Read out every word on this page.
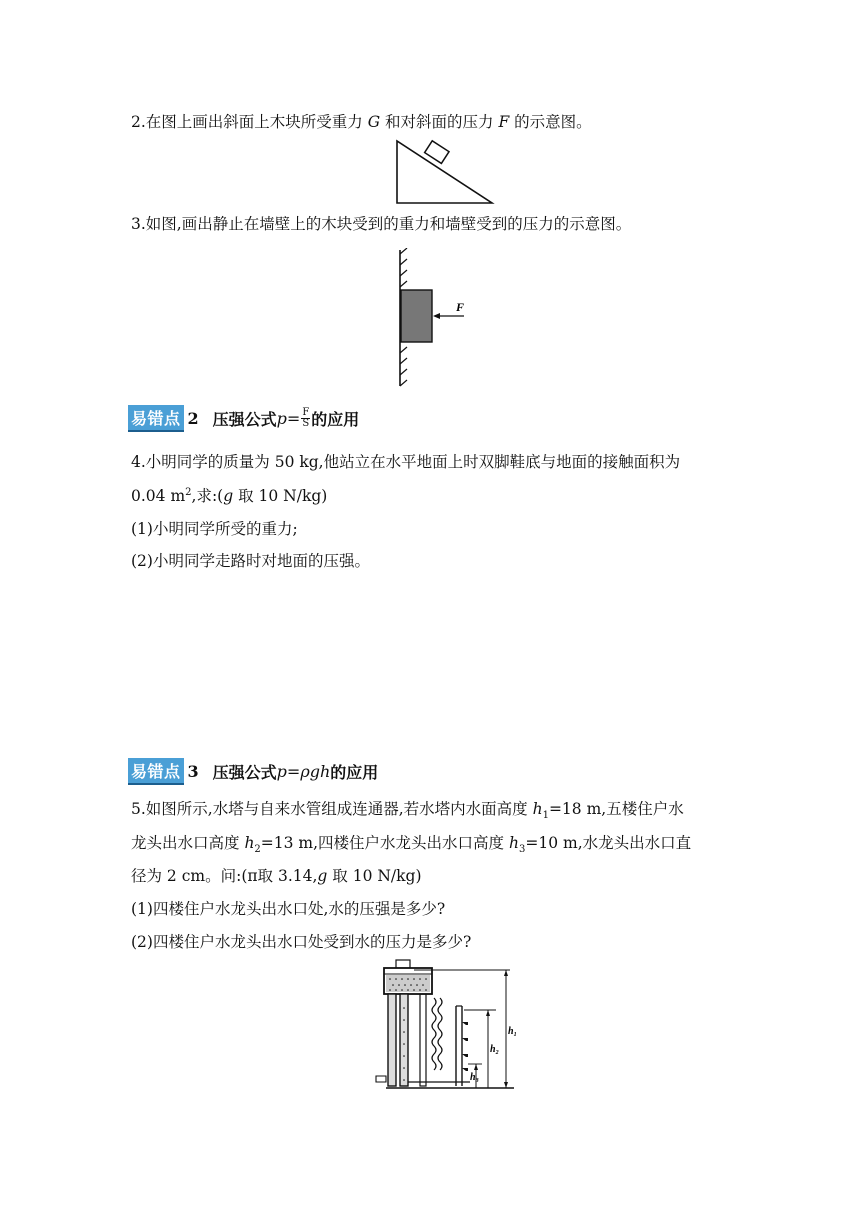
2.在图上画出斜面上木块所受重力 G 和对斜面的压力 F 的示意图。
3.如图,画出静止在墙壁上的木块受到的重力和墙壁受到的压力的示意图。
F
易错点 2 压强公式 $p = \frac{F}{S}$ 的应用
4.小明同学的质量为 50 kg,他站立在水平地面上时双脚鞋底与地面的接触面积为
0.04 $m^2$,求:(g 取 10 N/kg)
(1)小明同学所受的重力;
(2)小明同学走路时对地面的压强。
易错点 3 压强公式 p=ρgh 的应用
5.如图所示,水塔与自来水管组成连通器,若水塔内水面高度 $h_1=18$ m,五楼住户水
龙头出水口高度 $h_2=13$ m,四楼住户水龙头出水口高度 $h_3=10$ m,水龙头出水口直
径为 2 cm。问:(π取 3.14,g 取 10 N/kg)
(1)四楼住户水龙头出水口处,水的压强是多少?
(2)四楼住户水龙头出水口处受到水的压力是多少?
$h_1$
$h_2$
$h_3$
